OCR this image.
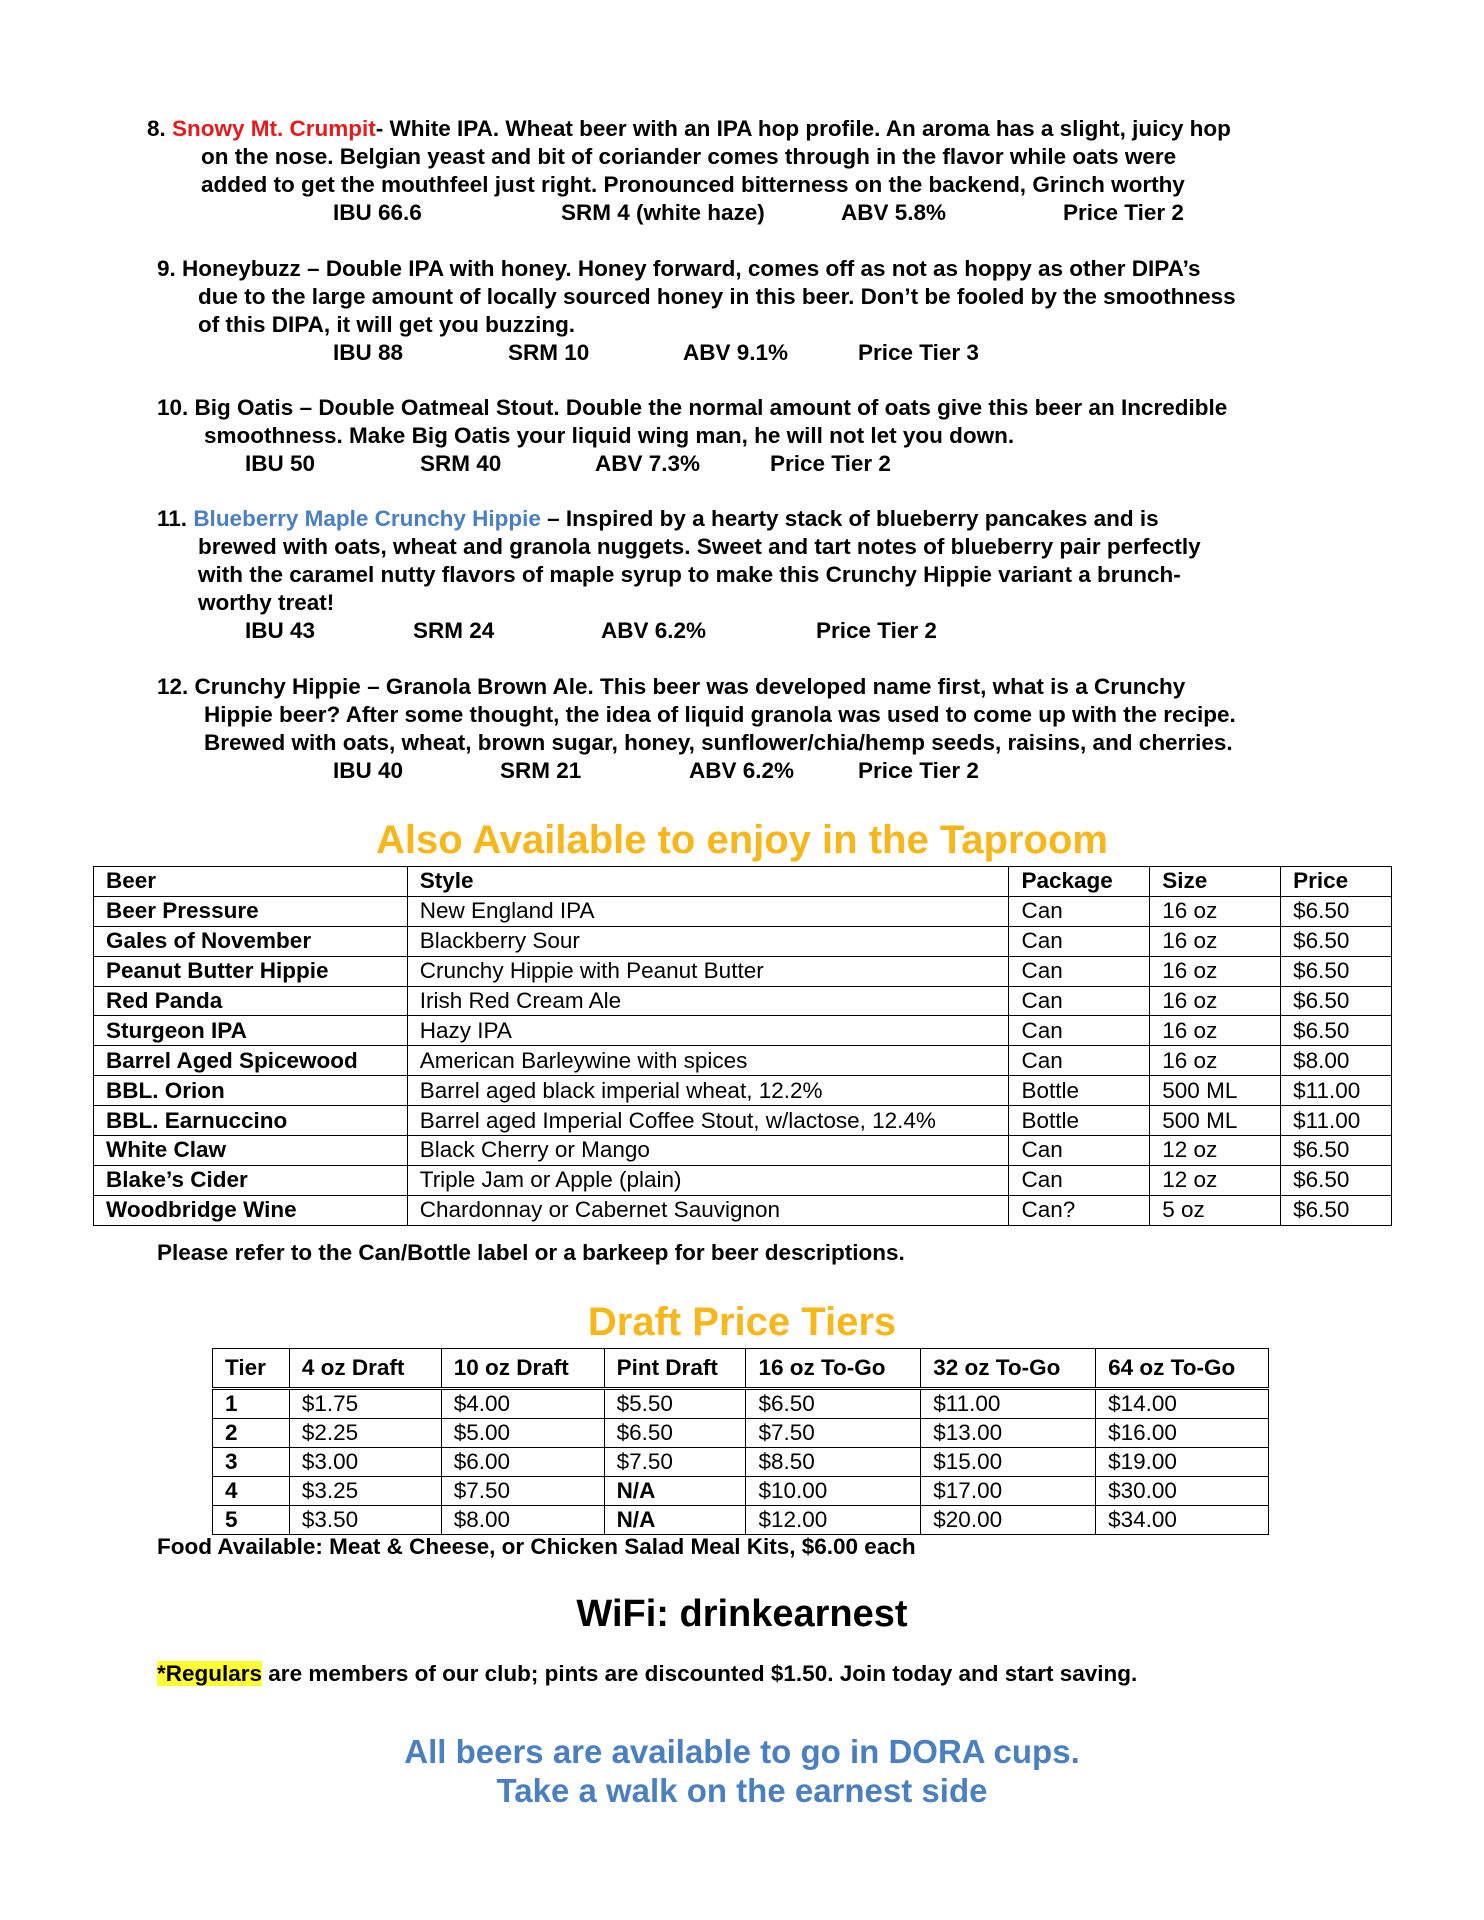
8. Snowy Mt. Crumpit- White IPA. Wheat beer with an IPA hop profile. An aroma has a slight, juicy hop
on the nose. Belgian yeast and bit of coriander comes through in the flavor while oats were
added to get the mouthfeel just right. Pronounced bitterness on the backend, Grinch worthy
IBU 66.6	SRM 4 (white haze)	ABV 5.8%	Price Tier 2
9. Honeybuzz – Double IPA with honey. Honey forward, comes off as not as hoppy as other DIPA’s
due to the large amount of locally sourced honey in this beer. Don’t be fooled by the smoothness
of this DIPA, it will get you buzzing.
IBU 88	SRM 10	ABV 9.1%	Price Tier 3
10. Big Oatis – Double Oatmeal Stout. Double the normal amount of oats give this beer an Incredible
smoothness. Make Big Oatis your liquid wing man, he will not let you down.
IBU 50	SRM 40	ABV 7.3%	Price Tier 2
11. Blueberry Maple Crunchy Hippie – Inspired by a hearty stack of blueberry pancakes and is
brewed with oats, wheat and granola nuggets. Sweet and tart notes of blueberry pair perfectly
with the caramel nutty flavors of maple syrup to make this Crunchy Hippie variant a brunch-
worthy treat!
IBU 43	SRM 24	ABV 6.2%	Price Tier 2
12. Crunchy Hippie – Granola Brown Ale. This beer was developed name first, what is a Crunchy
Hippie beer? After some thought, the idea of liquid granola was used to come up with the recipe.
Brewed with oats, wheat, brown sugar, honey, sunflower/chia/hemp seeds, raisins, and cherries.
IBU 40	SRM 21	ABV 6.2%	Price Tier 2
Also Available to enjoy in the Taproom
Beer	Style	Package	Size	Price
Beer Pressure	New England IPA	Can	16 oz	$6.50
Gales of November	Blackberry Sour	Can	16 oz	$6.50
Peanut Butter Hippie	Crunchy Hippie with Peanut Butter	Can	16 oz	$6.50
Red Panda	Irish Red Cream Ale	Can	16 oz	$6.50
Sturgeon IPA	Hazy IPA	Can	16 oz	$6.50
Barrel Aged Spicewood	American Barleywine with spices	Can	16 oz	$8.00
BBL. Orion	Barrel aged black imperial wheat, 12.2%	Bottle	500 ML	$11.00
BBL. Earnuccino	Barrel aged Imperial Coffee Stout, w/lactose, 12.4%	Bottle	500 ML	$11.00
White Claw	Black Cherry or Mango	Can	12 oz	$6.50
Blake’s Cider	Triple Jam or Apple (plain)	Can	12 oz	$6.50
Woodbridge Wine	Chardonnay or Cabernet Sauvignon	Can?	5 oz	$6.50
Please refer to the Can/Bottle label or a barkeep for beer descriptions.
Draft Price Tiers
Tier	4 oz Draft	10 oz Draft	Pint Draft	16 oz To-Go	32 oz To-Go	64 oz To-Go
1	$1.75	$4.00	$5.50	$6.50	$11.00	$14.00
2	$2.25	$5.00	$6.50	$7.50	$13.00	$16.00
3	$3.00	$6.00	$7.50	$8.50	$15.00	$19.00
4	$3.25	$7.50	N/A	$10.00	$17.00	$30.00
5	$3.50	$8.00	N/A	$12.00	$20.00	$34.00
Food Available: Meat & Cheese, or Chicken Salad Meal Kits, $6.00 each
WiFi: drinkearnest
*Regulars are members of our club; pints are discounted $1.50. Join today and start saving.
All beers are available to go in DORA cups.
Take a walk on the earnest side
